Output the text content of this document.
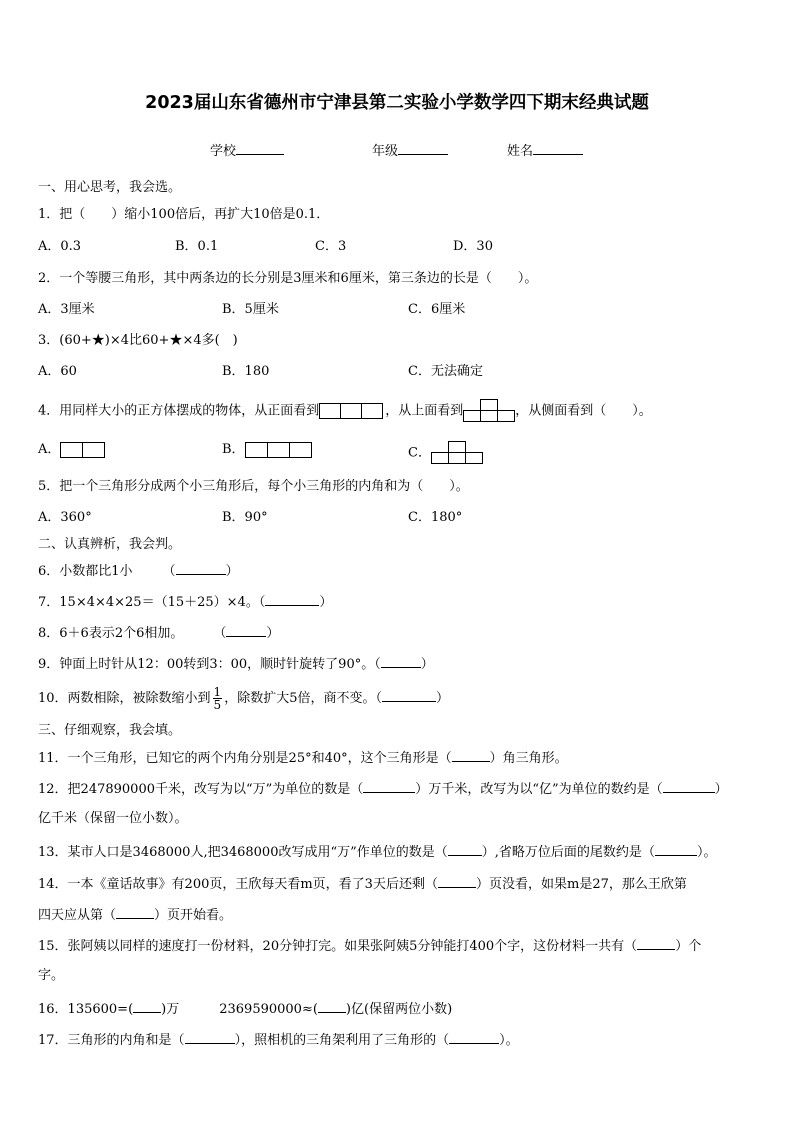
2023届山东省德州市宁津县第二实验小学数学四下期末经典试题
学校	年级	姓名
一、用心思考，我会选。
1．把（　　）缩小100倍后，再扩大10倍是0.1．
A．0.3	B．0.1	C．3	D．30
2．一个等腰三角形，其中两条边的长分别是3厘米和6厘米，第三条边的长是（　　）。
A．3厘米	B．5厘米	C．6厘米
3．(60+★)×4比60+★×4多(　)
A．60	B．180	C．无法确定
4．用同样大小的正方体摆成的物体，从正面看到	，从上面看到	，从侧面看到（　　）。
A．	B．	C．
5．把一个三角形分成两个小三角形后，每个小三角形的内角和为（　　）。
A．360°	B．90°	C．180°
二、认真辨析，我会判。
6．小数都比1小 （	）
7．15×4×4×25＝（15＋25）×4。（	）
8．6＋6表示2个6相加。 （	）
9．钟面上时针从12：00转到3：00，顺时针旋转了90°。（	）
10．两数相除，被除数缩小到 $\frac{1}{5}$ ，除数扩大5倍，商不变。（	）
三、仔细观察，我会填。
11．一个三角形，已知它的两个内角分别是25°和40°，这个三角形是（	）角三角形。
12．把247890000千米，改写为以“万”为单位的数是（	）万千米，改写为以“亿”为单位的数约是（	）
亿千米（保留一位小数）。
13．某市人口是3468000人,把3468000改写成用“万”作单位的数是（	）,省略万位后面的尾数约是（	）。
14．一本《童话故事》有200页，王欣每天看m页，看了3天后还剩（	）页没看，如果m是27，那么王欣第
四天应从第（	）页开始看。
15．张阿姨以同样的速度打一份材料，20分钟打完。如果张阿姨5分钟能打400个字，这份材料一共有（	）个
字。
16．135600=( )万	2369590000≈( )亿(保留两位小数)
17．三角形的内角和是（	），照相机的三角架利用了三角形的（	）。
